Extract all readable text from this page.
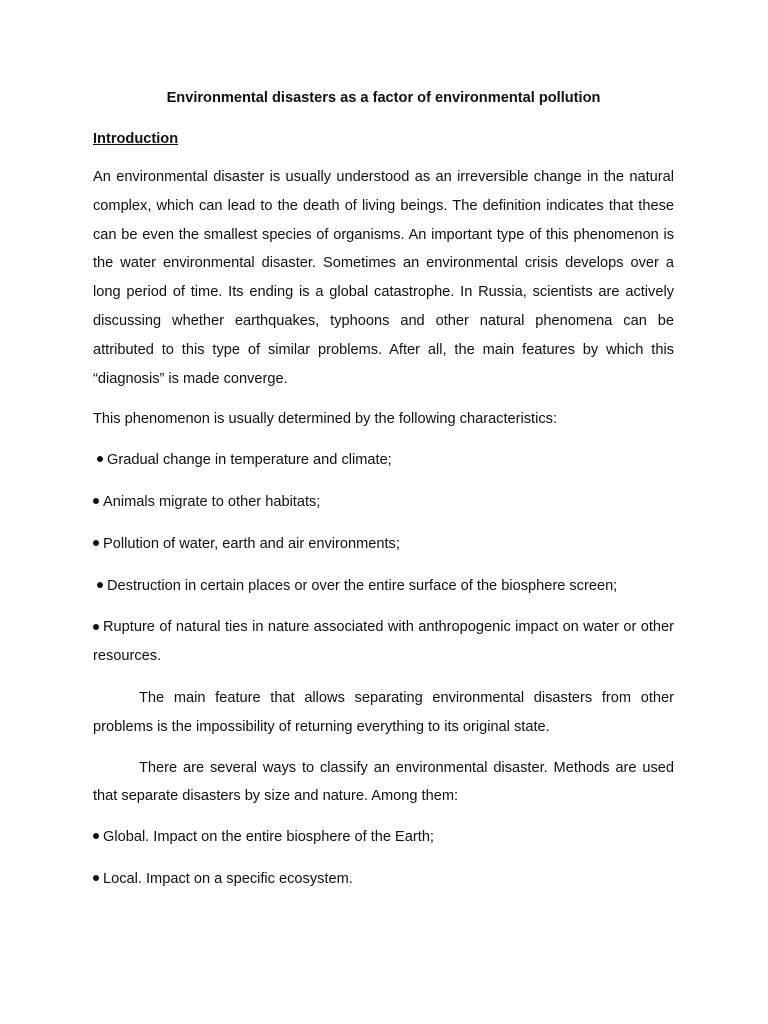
Environmental disasters as a factor of environmental pollution
Introduction
An environmental disaster is usually understood as an irreversible change in the natural complex, which can lead to the death of living beings. The definition indicates that these can be even the smallest species of organisms. An important type of this phenomenon is the water environmental disaster. Sometimes an environmental crisis develops over a long period of time. Its ending is a global catastrophe. In Russia, scientists are actively discussing whether earthquakes, typhoons and other natural phenomena can be attributed to this type of similar problems. After all, the main features by which this “diagnosis” is made converge.
This phenomenon is usually determined by the following characteristics:
Gradual change in temperature and climate;
Animals migrate to other habitats;
Pollution of water, earth and air environments;
Destruction in certain places or over the entire surface of the biosphere screen;
Rupture of natural ties in nature associated with anthropogenic impact on water or other resources.
The main feature that allows separating environmental disasters from other problems is the impossibility of returning everything to its original state.
There are several ways to classify an environmental disaster. Methods are used that separate disasters by size and nature. Among them:
Global. Impact on the entire biosphere of the Earth;
Local. Impact on a specific ecosystem.
